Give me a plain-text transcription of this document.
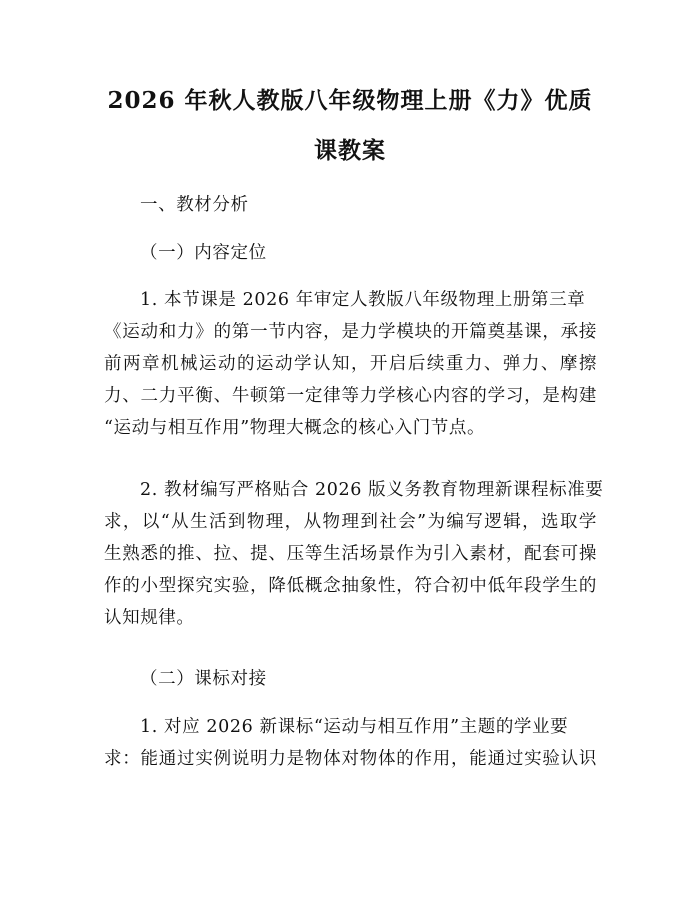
2026 年秋人教版八年级物理上册《力》优质
课教案
一、教材分析
（一）内容定位
1. 本节课是 2026 年审定人教版八年级物理上册第三章
《运动和力》的第一节内容，是力学模块的开篇奠基课，承接
前两章机械运动的运动学认知，开启后续重力、弹力、摩擦
力、二力平衡、牛顿第一定律等力学核心内容的学习，是构建
“运动与相互作用”物理大概念的核心入门节点。
2. 教材编写严格贴合 2026 版义务教育物理新课程标准要
求，以“从生活到物理，从物理到社会”为编写逻辑，选取学
生熟悉的推、拉、提、压等生活场景作为引入素材，配套可操
作的小型探究实验，降低概念抽象性，符合初中低年段学生的
认知规律。
（二）课标对接
1. 对应 2026 新课标“运动与相互作用”主题的学业要
求：能通过实例说明力是物体对物体的作用，能通过实验认识
